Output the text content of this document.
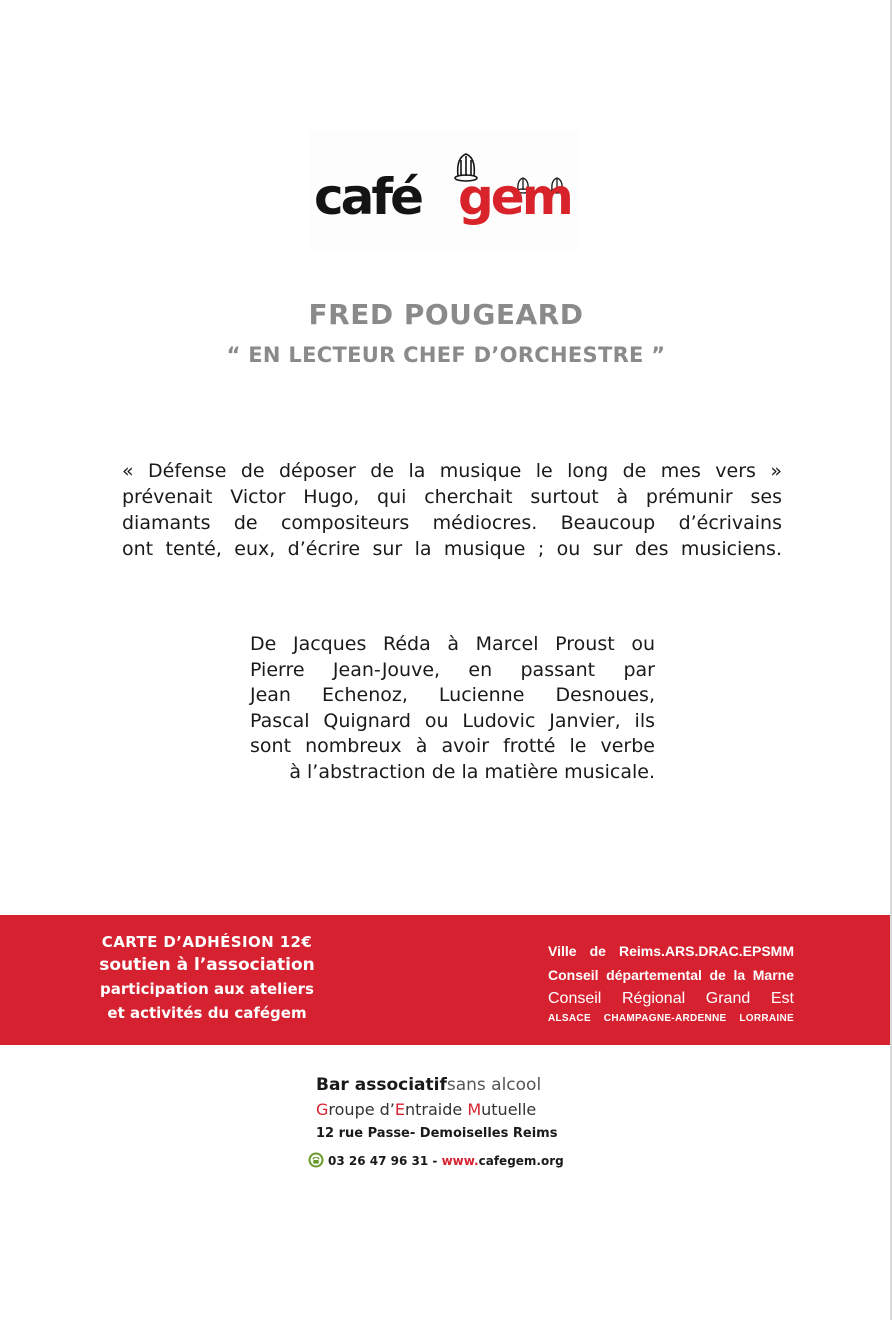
café gem
FRED POUGEARD
“ EN LECTEUR CHEF D’ORCHESTRE ”
« Défense de déposer de la musique le long de mes vers »
prévenait Victor Hugo, qui cherchait surtout à prémunir ses
diamants de compositeurs médiocres. Beaucoup d’écrivains
ont tenté, eux, d’écrire sur la musique ; ou sur des musiciens.
De Jacques Réda à Marcel Proust ou
Pierre Jean-Jouve, en passant par
Jean Echenoz, Lucienne Desnoues,
Pascal Quignard ou Ludovic Janvier, ils
sont nombreux à avoir frotté le verbe
à l’abstraction de la matière musicale.
CARTE D’ADHÉSION 12€
soutien à l’association
participation aux ateliers
et activités du cafégem
Ville de Reims.ARS.DRAC.EPSMM
Conseil départemental de la Marne
Conseil Régional Grand Est
ALSACE CHAMPAGNE-ARDENNE LORRAINE
Bar associatifsans alcool
Groupe d’Entraide Mutuelle
12 rue Passe- Demoiselles Reims
03 26 47 96 31 - www.cafegem.org
